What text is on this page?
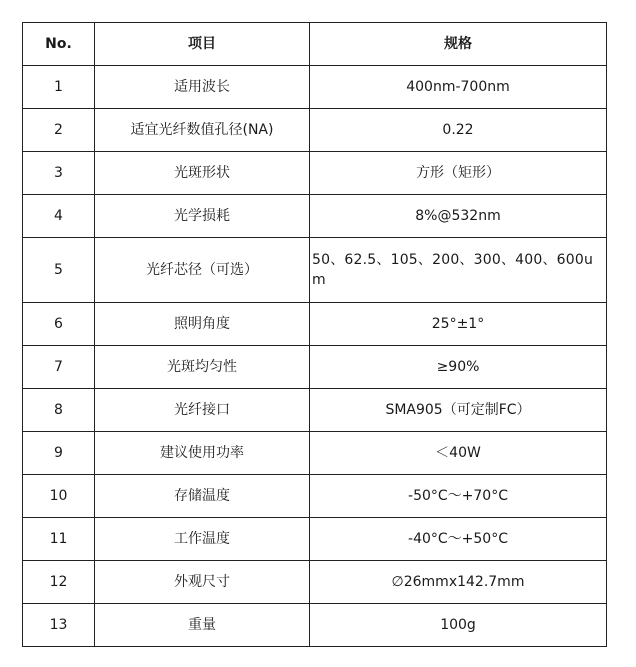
No.	项目	规格
1	适用波长	400nm-700nm
2	适宜光纤数值孔径(NA)	0.22
3	光斑形状	方形（矩形）
4	光学损耗	8%@532nm
5	光纤芯径（可选）	50、62.5、105、200、300、400、600um
6	照明角度	25°±1°
7	光斑均匀性	≥90%
8	光纤接口	SMA905（可定制FC）
9	建议使用功率	＜40W
10	存储温度	-50°C～+70°C
11	工作温度	-40°C～+50°C
12	外观尺寸	∅26mmx142.7mm
13	重量	100g
